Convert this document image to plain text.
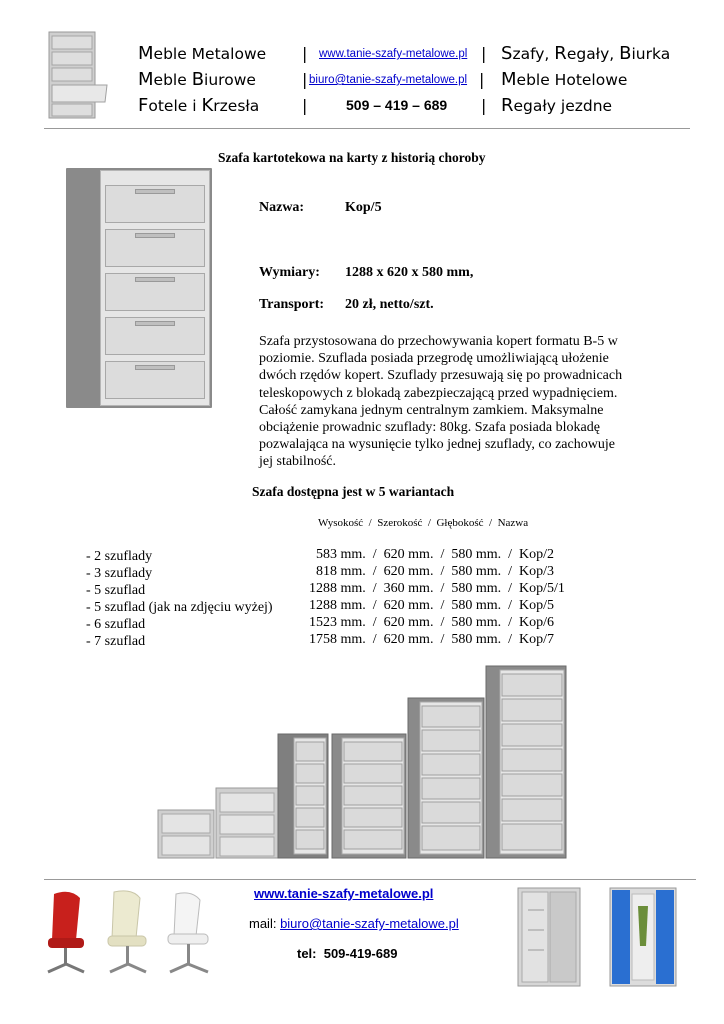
Meble Metalowe | www.tanie-szafy-metalowe.pl | Szafy, Regały, Biurka
Meble Biurowe	| biuro@tanie-szafy-metalowe.pl | Meble Hotelowe
Fotele i Krzesła	|	509 – 419 – 689 | Regały jezdne
Szafa kartotekowa na karty z historią choroby
Nazwa:	Kop/5
Wymiary: 1288 x 620 x 580 mm,
Transport: 20 zł, netto/szt.
Szafa przystosowana do przechowywania kopert formatu B-5 w
poziomie. Szuflada posiada przegrodę umożliwiającą ułożenie
dwóch rzędów kopert. Szuflady przesuwają się po prowadnicach
teleskopowych z blokadą zabezpieczającą przed wypadnięciem.
Całość zamykana jednym centralnym zamkiem. Maksymalne
obciążenie prowadnic szuflady: 80kg. Szafa posiada blokadę
pozwalająca na wysunięcie tylko jednej szuflady, co zachowuje
jej stabilność.
Szafa dostępna jest w 5 wariantach
Wysokość  /  Szerokość  /  Głębokość  /  Nazwa
- 2 szuflady	583 mm.  /  620 mm.  /  580 mm.  /  Kop/2
- 3 szuflady	818 mm.  /  620 mm.  /  580 mm.  /  Kop/3
- 5 szuflad	1288 mm.  /  360 mm.  /  580 mm.  /  Kop/5/1
- 5 szuflad (jak na zdjęciu wyżej)	1288 mm.  /  620 mm.  /  580 mm.  /  Kop/5
- 6 szuflad	1523 mm.  /  620 mm.  /  580 mm.  /  Kop/6
- 7 szuflad	1758 mm.  /  620 mm.  /  580 mm.  /  Kop/7
www.tanie-szafy-metalowe.pl
mail: biuro@tanie-szafy-metalowe.pl
tel:  509-419-689
